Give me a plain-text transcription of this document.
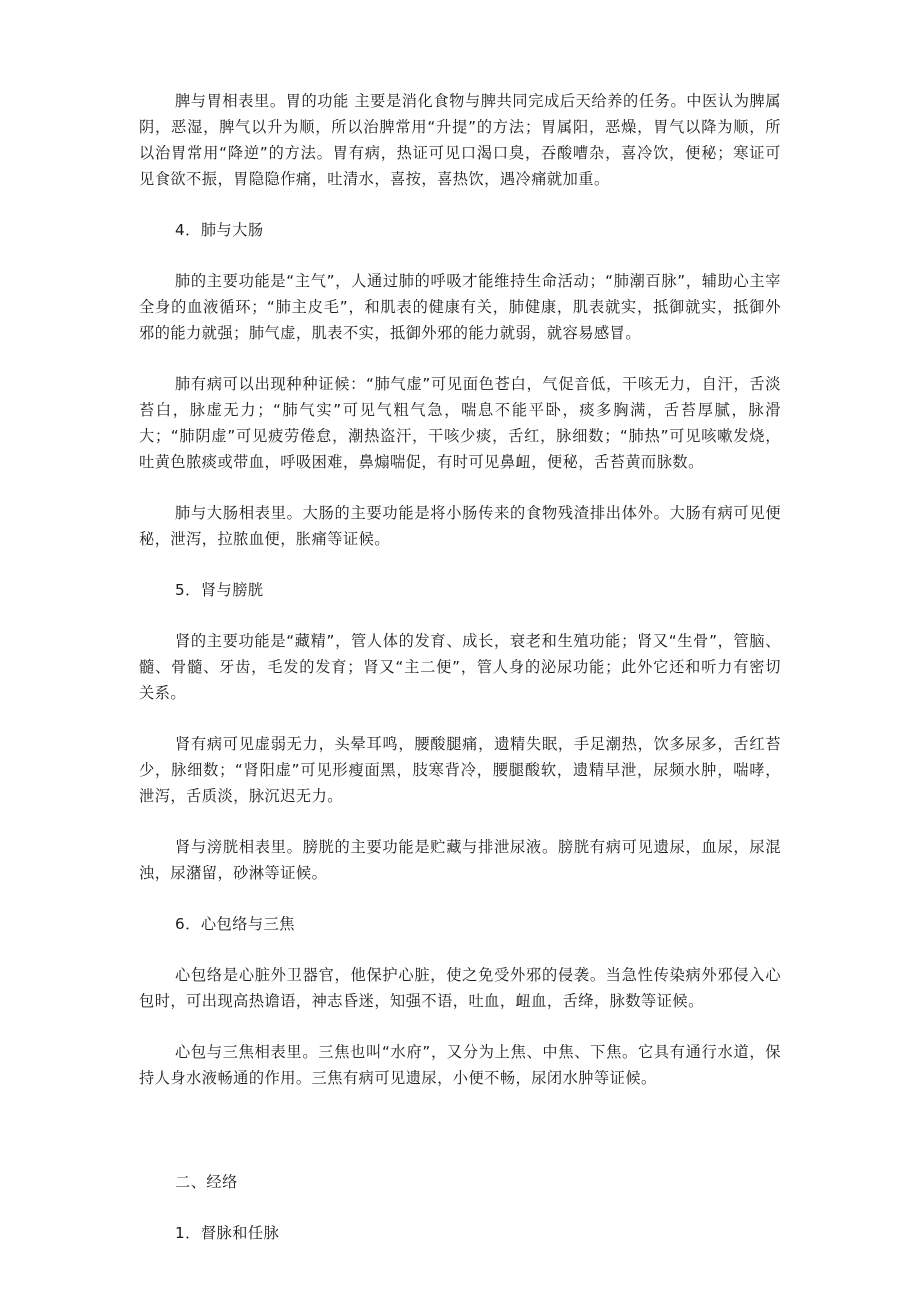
脾与胃相表里。胃的功能 主要是消化食物与脾共同完成后天给养的任务。中医认为脾属阴，恶湿，脾气以升为顺，所以治脾常用“升提”的方法；胃属阳，恶燥，胃气以降为顺，所以治胃常用“降逆”的方法。胃有病，热证可见口渴口臭，吞酸嘈杂，喜冷饮，便秘；寒证可见食欲不振，胃隐隐作痛，吐清水，喜按，喜热饮，遇冷痛就加重。

4．肺与大肠

肺的主要功能是“主气”，人通过肺的呼吸才能维持生命活动；“肺潮百脉”，辅助心主宰全身的血液循环；“肺主皮毛”，和肌表的健康有关，肺健康，肌表就实，抵御就实，抵御外邪的能力就强；肺气虚，肌表不实，抵御外邪的能力就弱，就容易感冒。

肺有病可以出现种种证候：“肺气虚”可见面色苍白，气促音低，干咳无力，自汗，舌淡苔白，脉虚无力；“肺气实”可见气粗气急，喘息不能平卧，痰多胸满，舌苔厚腻，脉滑大；“肺阴虚”可见疲劳倦怠，潮热盗汗，干咳少痰，舌红，脉细数；“肺热”可见咳嗽发烧，吐黄色脓痰或带血，呼吸困难，鼻煽喘促，有时可见鼻衄，便秘，舌苔黄而脉数。

肺与大肠相表里。大肠的主要功能是将小肠传来的食物残渣排出体外。大肠有病可见便秘，泄泻，拉脓血便，胀痛等证候。

5．肾与膀胱

肾的主要功能是“藏精”，管人体的发育、成长，衰老和生殖功能；肾又“生骨”，管脑、髓、骨髓、牙齿，毛发的发育；肾又“主二便”，管人身的泌尿功能；此外它还和听力有密切关系。

肾有病可见虚弱无力，头晕耳鸣，腰酸腿痛，遗精失眠，手足潮热，饮多尿多，舌红苔少，脉细数；“肾阳虚”可见形瘦面黑，肢寒背冷，腰腿酸软，遗精早泄，尿频水肿，喘哮，泄泻，舌质淡，脉沉迟无力。

肾与滂胱相表里。膀胱的主要功能是贮藏与排泄尿液。膀胱有病可见遗尿，血尿，尿混浊，尿潴留，砂淋等证候。

6．心包络与三焦

心包络是心脏外卫器官，他保护心脏，使之免受外邪的侵袭。当急性传染病外邪侵入心包时，可出现高热谵语，神志昏迷，知强不语，吐血，衄血，舌绛，脉数等证候。

心包与三焦相表里。三焦也叫“水府”，又分为上焦、中焦、下焦。它具有通行水道，保持人身水液畅通的作用。三焦有病可见遗尿，小便不畅，尿闭水肿等证候。

二、经络
1．督脉和任脉
